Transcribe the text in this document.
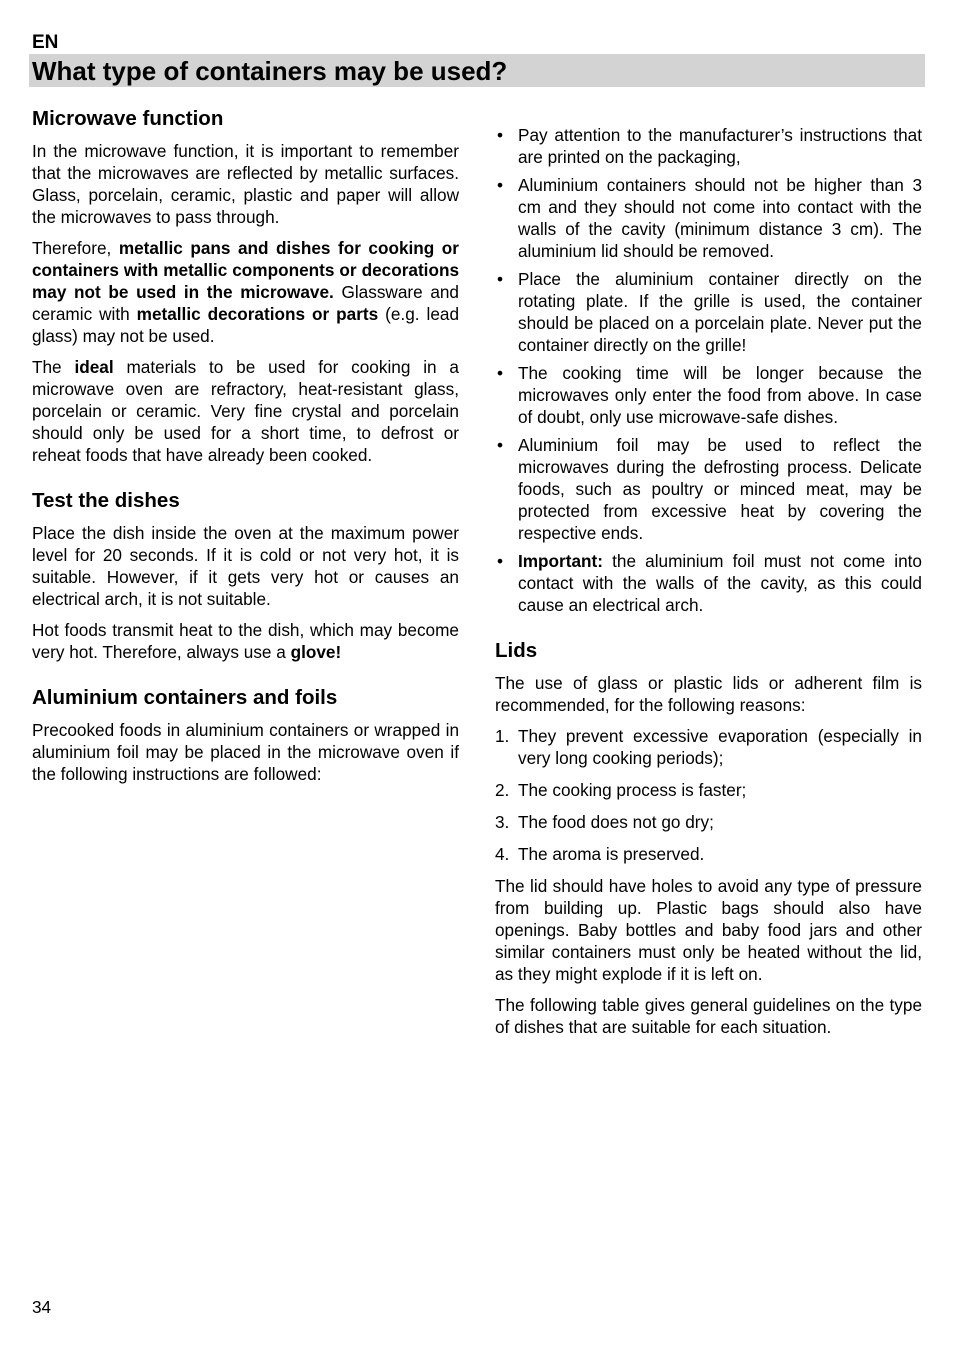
EN
What type of containers may be used?
Microwave function

In the microwave function, it is important to remember that the microwaves are reflected by metallic surfaces. Glass, porcelain, ceramic, plastic and paper will allow the microwaves to pass through.

Therefore, metallic pans and dishes for cooking or containers with metallic components or decorations may not be used in the microwave. Glassware and ceramic with metallic decorations or parts (e.g. lead glass) may not be used.

The ideal materials to be used for cooking in a microwave oven are refractory, heat-resistant glass, porcelain or ceramic. Very fine crystal and porcelain should only be used for a short time, to defrost or reheat foods that have already been cooked.

Test the dishes

Place the dish inside the oven at the maximum power level for 20 seconds. If it is cold or not very hot, it is suitable. However, if it gets very hot or causes an electrical arch, it is not suitable.

Hot foods transmit heat to the dish, which may become very hot. Therefore, always use a glove!

Aluminium containers and foils

Precooked foods in aluminium containers or wrapped in aluminium foil may be placed in the microwave oven if the following instructions are followed:

• Pay attention to the manufacturer’s instructions that are printed on the packaging,
• Aluminium containers should not be higher than 3 cm and they should not come into contact with the walls of the cavity (minimum distance 3 cm). The aluminium lid should be removed.
• Place the aluminium container directly on the rotating plate. If the grille is used, the container should be placed on a porcelain plate. Never put the container directly on the grille!
• The cooking time will be longer because the microwaves only enter the food from above. In case of doubt, only use microwave-safe dishes.
• Aluminium foil may be used to reflect the microwaves during the defrosting process. Delicate foods, such as poultry or minced meat, may be protected from excessive heat by covering the respective ends.
• Important: the aluminium foil must not come into contact with the walls of the cavity, as this could cause an electrical arch.
Lids

The use of glass or plastic lids or adherent film is recommended, for the following reasons:

1. They prevent excessive evaporation (especially in very long cooking periods);
2. The cooking process is faster;
3. The food does not go dry;
4. The aroma is preserved.

The lid should have holes to avoid any type of pressure from building up. Plastic bags should also have openings. Baby bottles and baby food jars and other similar containers must only be heated without the lid, as they might explode if it is left on.

The following table gives general guidelines on the type of dishes that are suitable for each situation.

34
